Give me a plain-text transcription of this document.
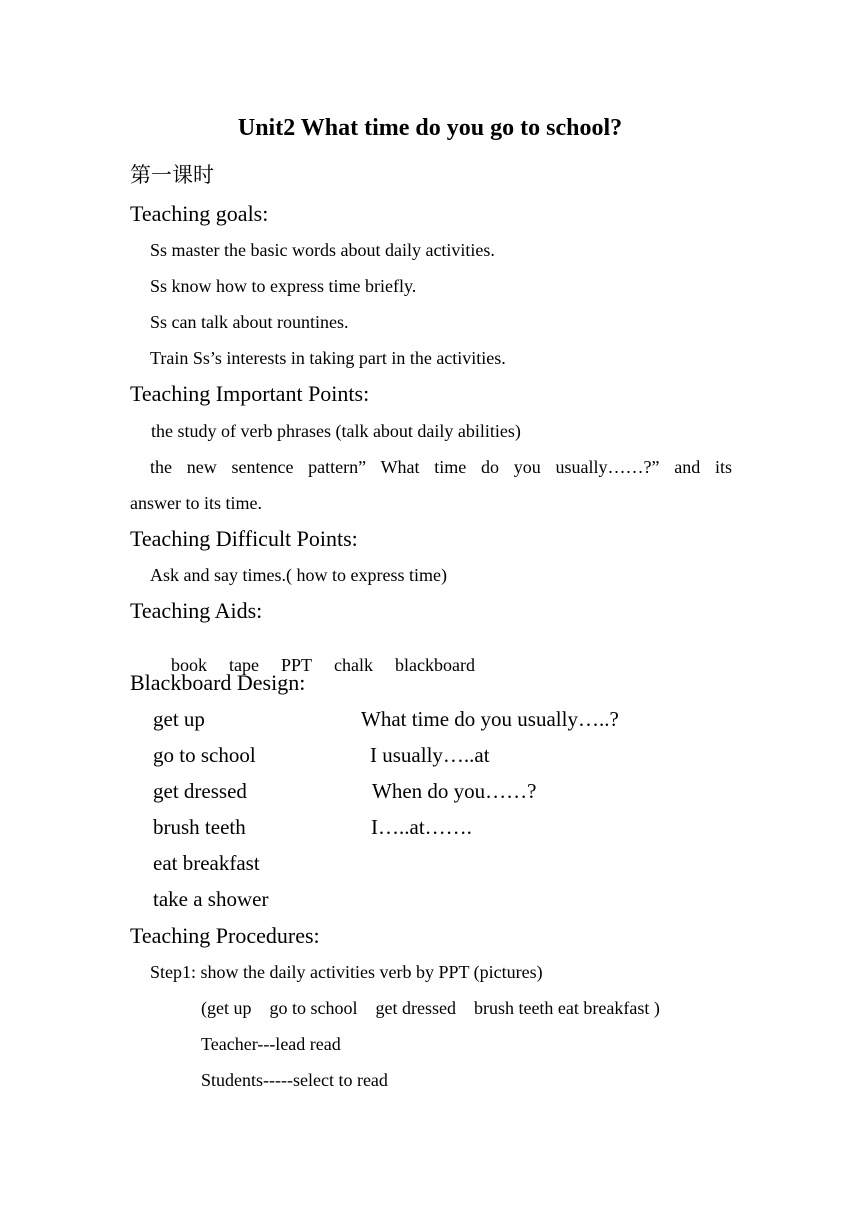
Unit2 What time do you go to school?
第一课时
Teaching goals:
Ss master the basic words about daily activities.
Ss know how to express time briefly.
Ss can talk about rountines.
Train Ss’s interests in taking part in the activities.
Teaching Important Points:
the study of verb phrases (talk about daily abilities)
the new sentence pattern” What time do you usually……?” and its
answer to its time.
Teaching Difficult Points:
Ask and say times.( how to express time)
Teaching Aids:

book tape PPT chalk blackboard

Blackboard Design:
get up
go to school
get dressed
brush teeth
eat breakfast
take a shower
What time do you usually…..?
I usually…..at
When do you……?
I…..at…….
Teaching Procedures:
Step1: show the daily activities verb by PPT (pictures)
(get up    go to school    get dressed    brush teeth eat breakfast )
Teacher---lead read
Students-----select to read
